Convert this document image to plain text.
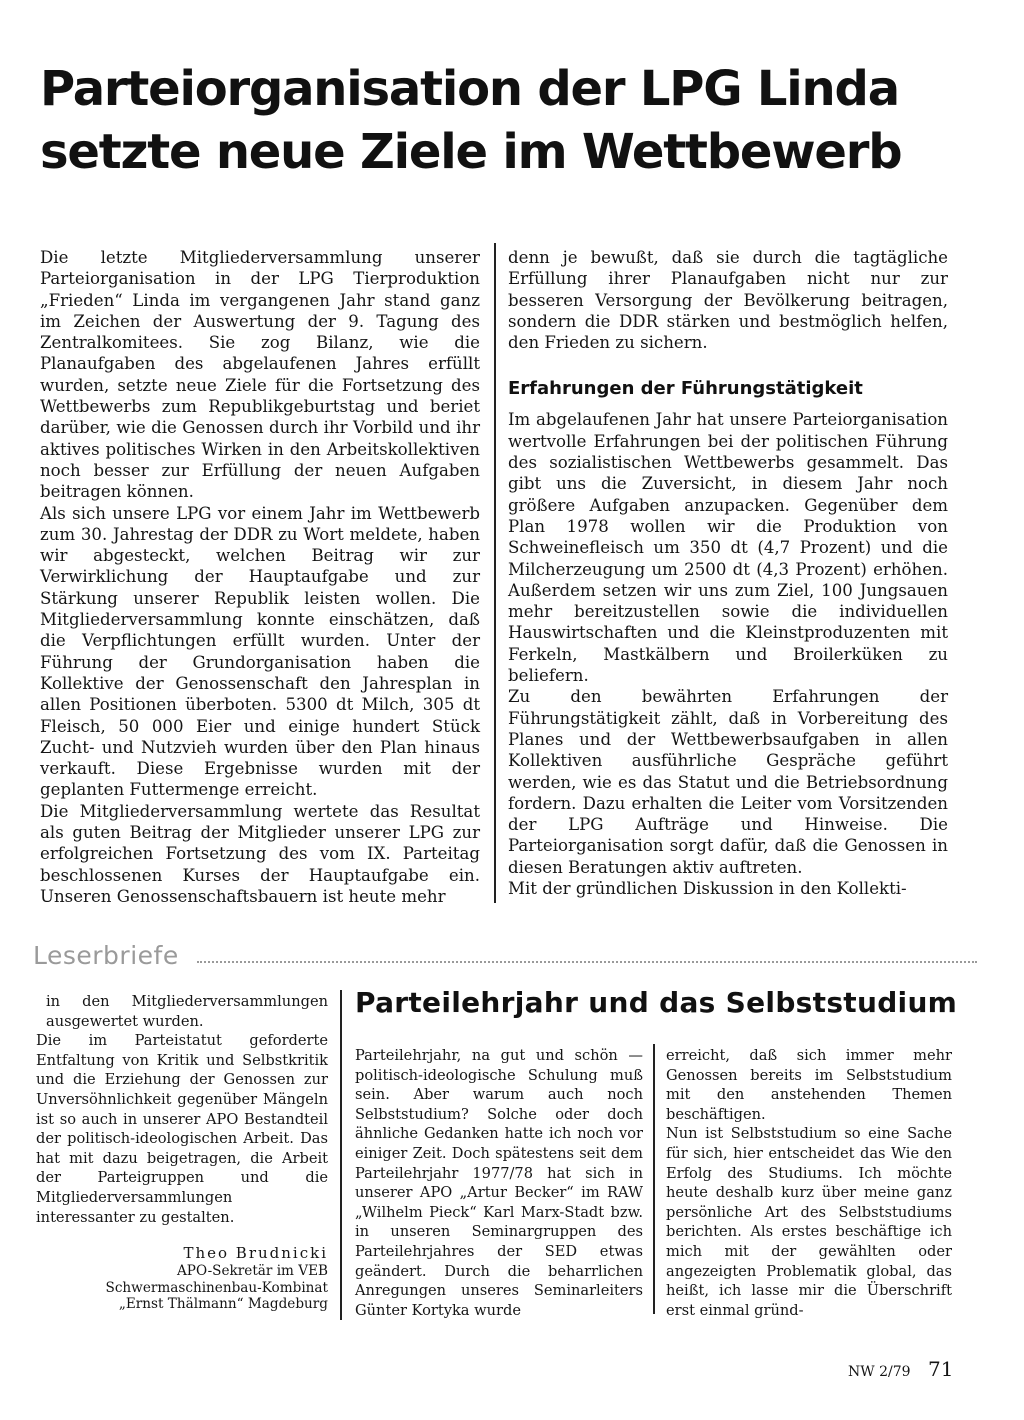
Parteiorganisation der LPG Linda
setzte neue Ziele im Wettbewerb

Die letzte Mitgliederversammlung unserer Parteiorganisation in der LPG Tierproduktion „Frieden“ Linda im vergangenen Jahr stand ganz im Zeichen der Auswertung der 9. Tagung des Zentralkomitees. Sie zog Bilanz, wie die Planaufgaben des abgelaufenen Jahres erfüllt wurden, setzte neue Ziele für die Fortsetzung des Wettbewerbs zum Republikgeburtstag und beriet darüber, wie die Genossen durch ihr Vorbild und ihr aktives politisches Wirken in den Arbeitskollektiven noch besser zur Erfüllung der neuen Aufgaben beitragen können.

Als sich unsere LPG vor einem Jahr im Wettbewerb zum 30. Jahrestag der DDR zu Wort meldete, haben wir abgesteckt, welchen Beitrag wir zur Verwirklichung der Hauptaufgabe und zur Stärkung unserer Republik leisten wollen. Die Mitgliederversammlung konnte einschätzen, daß die Verpflichtungen erfüllt wurden. Unter der Führung der Grundorganisation haben die Kollektive der Genossenschaft den Jahresplan in allen Positionen überboten. 5300 dt Milch, 305 dt Fleisch, 50 000 Eier und einige hundert Stück Zucht- und Nutzvieh wurden über den Plan hinaus verkauft. Diese Ergebnisse wurden mit der geplanten Futtermenge erreicht.

Die Mitgliederversammlung wertete das Resultat als guten Beitrag der Mitglieder unserer LPG zur erfolgreichen Fortsetzung des vom IX. Parteitag beschlossenen Kurses der Hauptaufgabe ein. Unseren Genossenschaftsbauern ist heute mehr

denn je bewußt, daß sie durch die tagtägliche Erfüllung ihrer Planaufgaben nicht nur zur besseren Versorgung der Bevölkerung beitragen, sondern die DDR stärken und bestmöglich helfen, den Frieden zu sichern.

Erfahrungen der Führungstätigkeit

Im abgelaufenen Jahr hat unsere Parteiorganisation wertvolle Erfahrungen bei der politischen Führung des sozialistischen Wettbewerbs gesammelt. Das gibt uns die Zuversicht, in diesem Jahr noch größere Aufgaben anzupacken. Gegenüber dem Plan 1978 wollen wir die Produktion von Schweinefleisch um 350 dt (4,7 Prozent) und die Milcherzeugung um 2500 dt (4,3 Prozent) erhöhen. Außerdem setzen wir uns zum Ziel, 100 Jungsauen mehr bereitzustellen sowie die individuellen Hauswirtschaften und die Kleinstproduzenten mit Ferkeln, Mastkälbern und Broilerküken zu beliefern.

Zu den bewährten Erfahrungen der Führungstätigkeit zählt, daß in Vorbereitung des Planes und der Wettbewerbsaufgaben in allen Kollektiven ausführliche Gespräche geführt werden, wie es das Statut und die Betriebsordnung fordern. Dazu erhalten die Leiter vom Vorsitzenden der LPG Aufträge und Hinweise. Die Parteiorganisation sorgt dafür, daß die Genossen in diesen Beratungen aktiv auftreten.

Mit der gründlichen Diskussion in den Kollekti-

Leserbriefe

in den Mitgliederversammlungen ausgewertet wurden.

Die im Parteistatut geforderte Entfaltung von Kritik und Selbstkritik und die Erziehung der Genossen zur Unversöhnlichkeit gegenüber Mängeln ist so auch in unserer APO Bestandteil der politisch-ideologischen Arbeit. Das hat mit dazu beigetragen, die Arbeit der Parteigruppen und die Mitgliederversammlungen interessanter zu gestalten.

Theo Brudnicki
APO-Sekretär im VEB
Schwermaschinenbau-Kombinat
„Ernst Thälmann“ Magdeburg
Parteilehrjahr und das Selbststudium

Parteilehrjahr, na gut und schön — politisch-ideologische Schulung muß sein. Aber warum auch noch Selbststudium? Solche oder doch ähnliche Gedanken hatte ich noch vor einiger Zeit. Doch spätestens seit dem Parteilehrjahr 1977/78 hat sich in unserer APO „Artur Becker“ im RAW „Wilhelm Pieck“ Karl Marx-Stadt bzw. in unseren Seminargruppen des Parteilehrjahres der SED etwas geändert. Durch die beharrlichen Anregungen unseres Seminarleiters Günter Kortyka wurde

erreicht, daß sich immer mehr Genossen bereits im Selbststudium mit den anstehenden Themen beschäftigen.

Nun ist Selbststudium so eine Sache für sich, hier entscheidet das Wie den Erfolg des Studiums. Ich möchte heute deshalb kurz über meine ganz persönliche Art des Selbststudiums berichten. Als erstes beschäftige ich mich mit der gewählten oder angezeigten Problematik global, das heißt, ich lasse mir die Überschrift erst einmal gründ-

NW 2/79 71
